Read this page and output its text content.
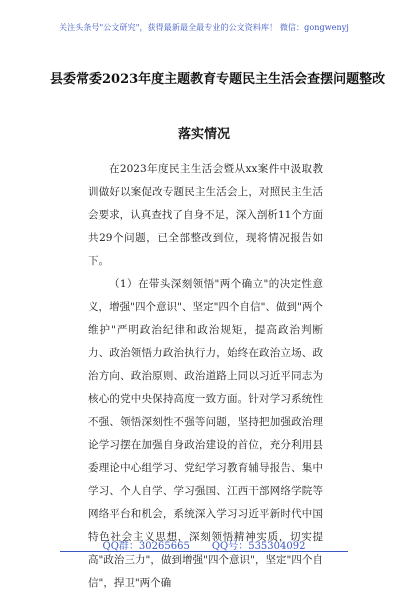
关注头条号"公文研究"，获得最新最全最专业的公文资料库！ 微信：gongwenyj
县委常委2023年度主题教育专题民主生活会查摆问题整改
落实情况

在2023年度民主生活会暨从xx案件中汲取教训做好以案促改专题民主生活会上，对照民主生活会要求，认真查找了自身不足，深入剖析11个方面共29个问题，已全部整改到位，现将情况报告如下。

（1）在带头深刻领悟"两个确立"的决定性意义，增强"四个意识"、坚定"四个自信"、做到"两个维护"严明政治纪律和政治规矩，提高政治判断力、政治领悟力政治执行力，始终在政治立场、政治方向、政治原则、政治道路上同以习近平同志为核心的党中央保持高度一致方面。针对学习系统性不强、领悟深刻性不强等问题，坚持把加强政治理论学习摆在加强自身政治建设的首位，充分利用县委理论中心组学习、党纪学习教育辅导报告、集中学习、个人自学、学习强国、江西干部网络学院等网络平台和机会，系统深入学习习近平新时代中国特色社会主义思想，深刻领悟精神实质，切实提高"政治三力"，做到增强"四个意识"，坚定"四个自信"，捍卫"两个确

QQ群：30265665 QQ号：535304092
